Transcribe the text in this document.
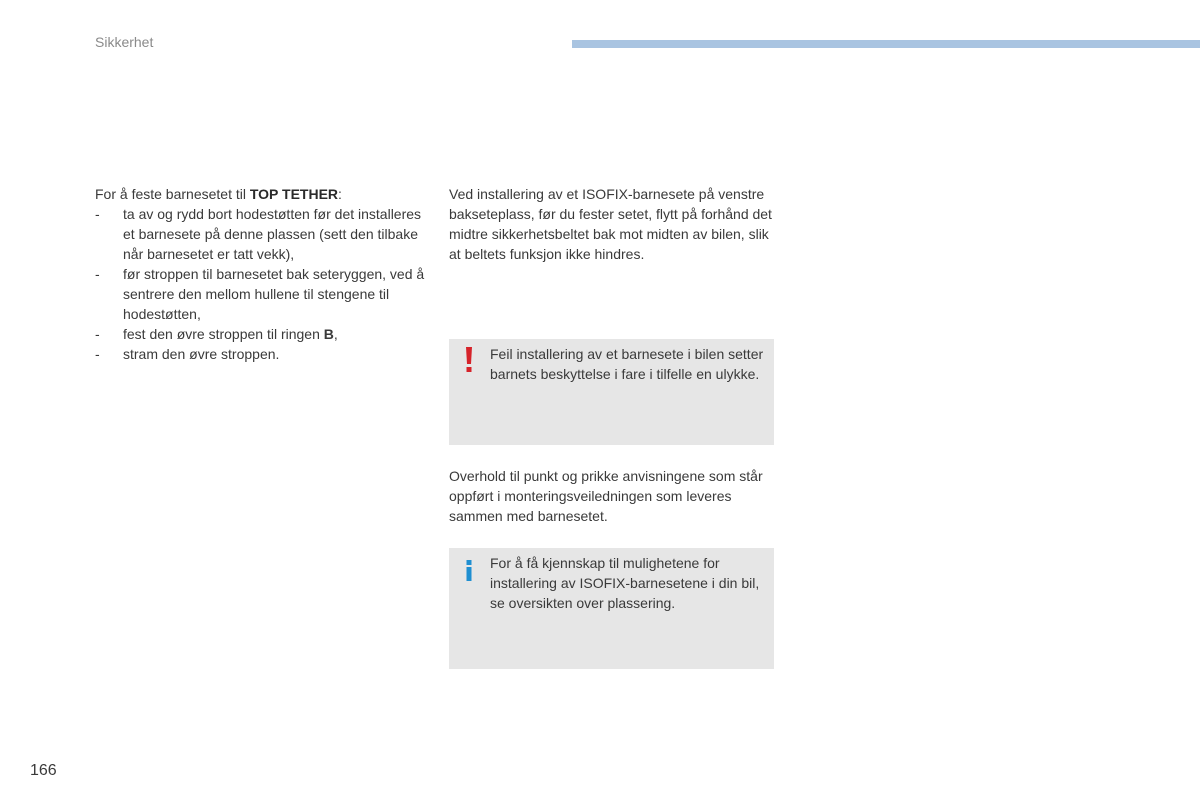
Sikkerhet

For å feste barnesetet til TOP TETHER:

- ta av og rydd bort hodestøtten før det installeres et barnesete på denne plassen (sett den tilbake når barnesetet er tatt vekk),
- før stroppen til barnesetet bak seteryggen, ved å sentrere den mellom hullene til stengene til hodestøtten,
- fest den øvre stroppen til ringen B,
- stram den øvre stroppen.

Ved installering av et ISOFIX-barnesete på venstre bakseteplass, før du fester setet, flytt på forhånd det midtre sikkerhetsbeltet bak mot midten av bilen, slik at beltets funksjon ikke hindres.

Feil installering av et barnesete i bilen setter barnets beskyttelse i fare i tilfelle en ulykke.

Overhold til punkt og prikke anvisningene som står oppført i monteringsveiledningen som leveres sammen med barnesetet.

For å få kjennskap til mulighetene for installering av ISOFIX-barnesetene i din bil, se oversikten over plassering.
166
